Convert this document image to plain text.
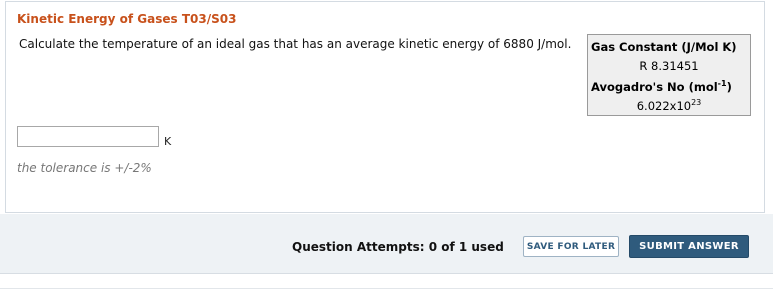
Kinetic Energy of Gases T03/S03
Calculate the temperature of an ideal gas that has an average kinetic energy of 6880 J/mol. Gas Constant (J/Mol K)
R 8.31451
Avogadro's No (mol$^{-1}$)
$6.022x10^{23}$
K
the tolerance is +/-2%
Question Attempts: 0 of 1 used	SAVE FOR LATER	SUBMIT ANSWER
